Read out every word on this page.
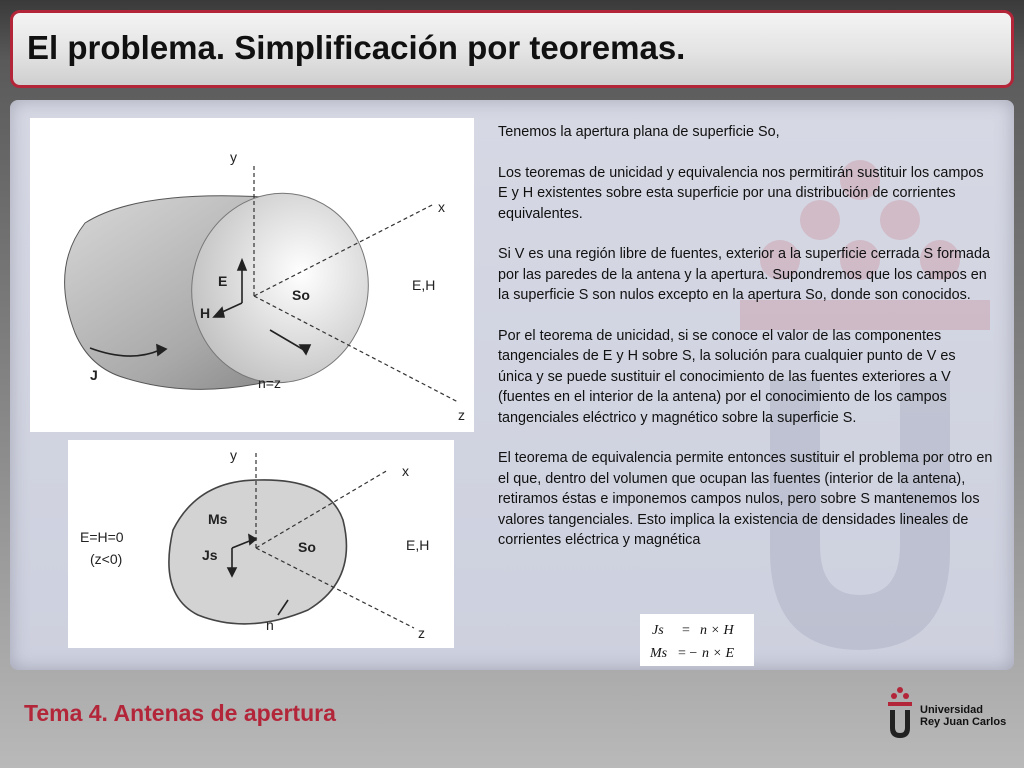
El problema. Simplificación por teoremas.
y
x
z
E
H
So
E,H
J	n=z
y
x
z
Ms
Js	So	E,H
E=H=0
(z<0)
n

Tenemos la apertura plana de superficie So,

Los teoremas de unicidad y equivalencia nos permitirán sustituir los campos E y H existentes sobre esta superficie por una distribución de corrientes equivalentes.

Si V es una región libre de fuentes, exterior a la superficie cerrada S formada por las paredes de la antena y la apertura. Supondremos que los campos en la superficie S son nulos excepto en la apertura So, donde son conocidos.

Por el teorema de unicidad, si se conoce el valor de las componentes tangenciales de E y H sobre S, la solución para cualquier punto de V es única y se puede sustituir el conocimiento de las fuentes exteriores a V (fuentes en el interior de la antena) por el conocimiento de los campos tangenciales eléctrico y magnético sobre la superficie S.

El teorema de equivalencia permite entonces sustituir el problema por otro en el que, dentro del volumen que ocupan las fuentes (interior de la antena), retiramos éstas e imponemos campos nulos, pero sobre S mantenemos los valores tangenciales. Esto implica la existencia de densidades lineales de corrientes eléctrica y magnética

Js = n × H
Ms = − n × E
Tema 4. Antenas de apertura	Universidad
Rey Juan Carlos
